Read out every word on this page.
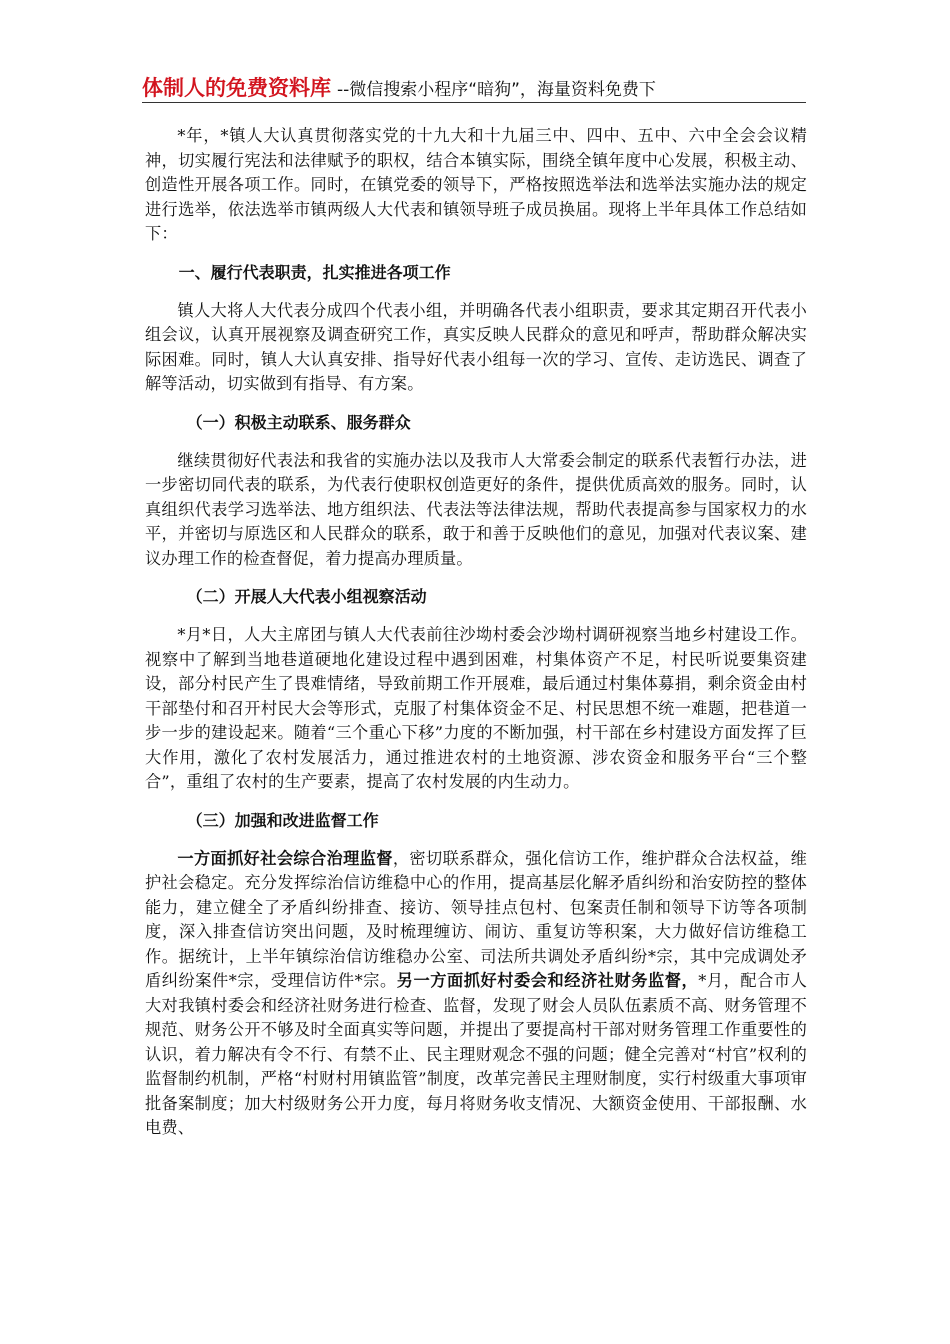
体制人的免费资料库 --微信搜索小程序“暗狗”，海量资料免费下

*年，*镇人大认真贯彻落实党的十九大和十九届三中、四中、五中、六中全会会议精神，切实履行宪法和法律赋予的职权，结合本镇实际，围绕全镇年度中心发展，积极主动、创造性开展各项工作。同时，在镇党委的领导下，严格按照选举法和选举法实施办法的规定进行选举，依法选举市镇两级人大代表和镇领导班子成员换届。现将上半年具体工作总结如下：

一、履行代表职责，扎实推进各项工作

镇人大将人大代表分成四个代表小组，并明确各代表小组职责，要求其定期召开代表小组会议，认真开展视察及调查研究工作，真实反映人民群众的意见和呼声，帮助群众解决实际困难。同时，镇人大认真安排、指导好代表小组每一次的学习、宣传、走访选民、调查了解等活动，切实做到有指导、有方案。

（一）积极主动联系、服务群众

继续贯彻好代表法和我省的实施办法以及我市人大常委会制定的联系代表暂行办法，进一步密切同代表的联系，为代表行使职权创造更好的条件，提供优质高效的服务。同时，认真组织代表学习选举法、地方组织法、代表法等法律法规，帮助代表提高参与国家权力的水平，并密切与原选区和人民群众的联系，敢于和善于反映他们的意见，加强对代表议案、建议办理工作的检查督促，着力提高办理质量。

（二）开展人大代表小组视察活动

*月*日，人大主席团与镇人大代表前往沙坳村委会沙坳村调研视察当地乡村建设工作。视察中了解到当地巷道硬地化建设过程中遇到困难，村集体资产不足，村民听说要集资建设，部分村民产生了畏难情绪，导致前期工作开展难，最后通过村集体募捐，剩余资金由村干部垫付和召开村民大会等形式，克服了村集体资金不足、村民思想不统一难题，把巷道一步一步的建设起来。随着“三个重心下移”力度的不断加强，村干部在乡村建设方面发挥了巨大作用，激化了农村发展活力，通过推进农村的土地资源、涉农资金和服务平台“三个整合”，重组了农村的生产要素，提高了农村发展的内生动力。

（三）加强和改进监督工作

一方面抓好社会综合治理监督，密切联系群众，强化信访工作，维护群众合法权益，维护社会稳定。充分发挥综治信访维稳中心的作用，提高基层化解矛盾纠纷和治安防控的整体能力，建立健全了矛盾纠纷排查、接访、领导挂点包村、包案责任制和领导下访等各项制度，深入排查信访突出问题，及时梳理缠访、闹访、重复访等积案，大力做好信访维稳工作。据统计，上半年镇综治信访维稳办公室、司法所共调处矛盾纠纷*宗，其中完成调处矛盾纠纷案件*宗，受理信访件*宗。另一方面抓好村委会和经济社财务监督，*月，配合市人大对我镇村委会和经济社财务进行检查、监督，发现了财会人员队伍素质不高、财务管理不规范、财务公开不够及时全面真实等问题，并提出了要提高村干部对财务管理工作重要性的认识，着力解决有令不行、有禁不止、民主理财观念不强的问题；健全完善对“村官”权利的监督制约机制，严格“村财村用镇监管”制度，改革完善民主理财制度，实行村级重大事项审批备案制度；加大村级财务公开力度，每月将财务收支情况、大额资金使用、干部报酬、水电费、
